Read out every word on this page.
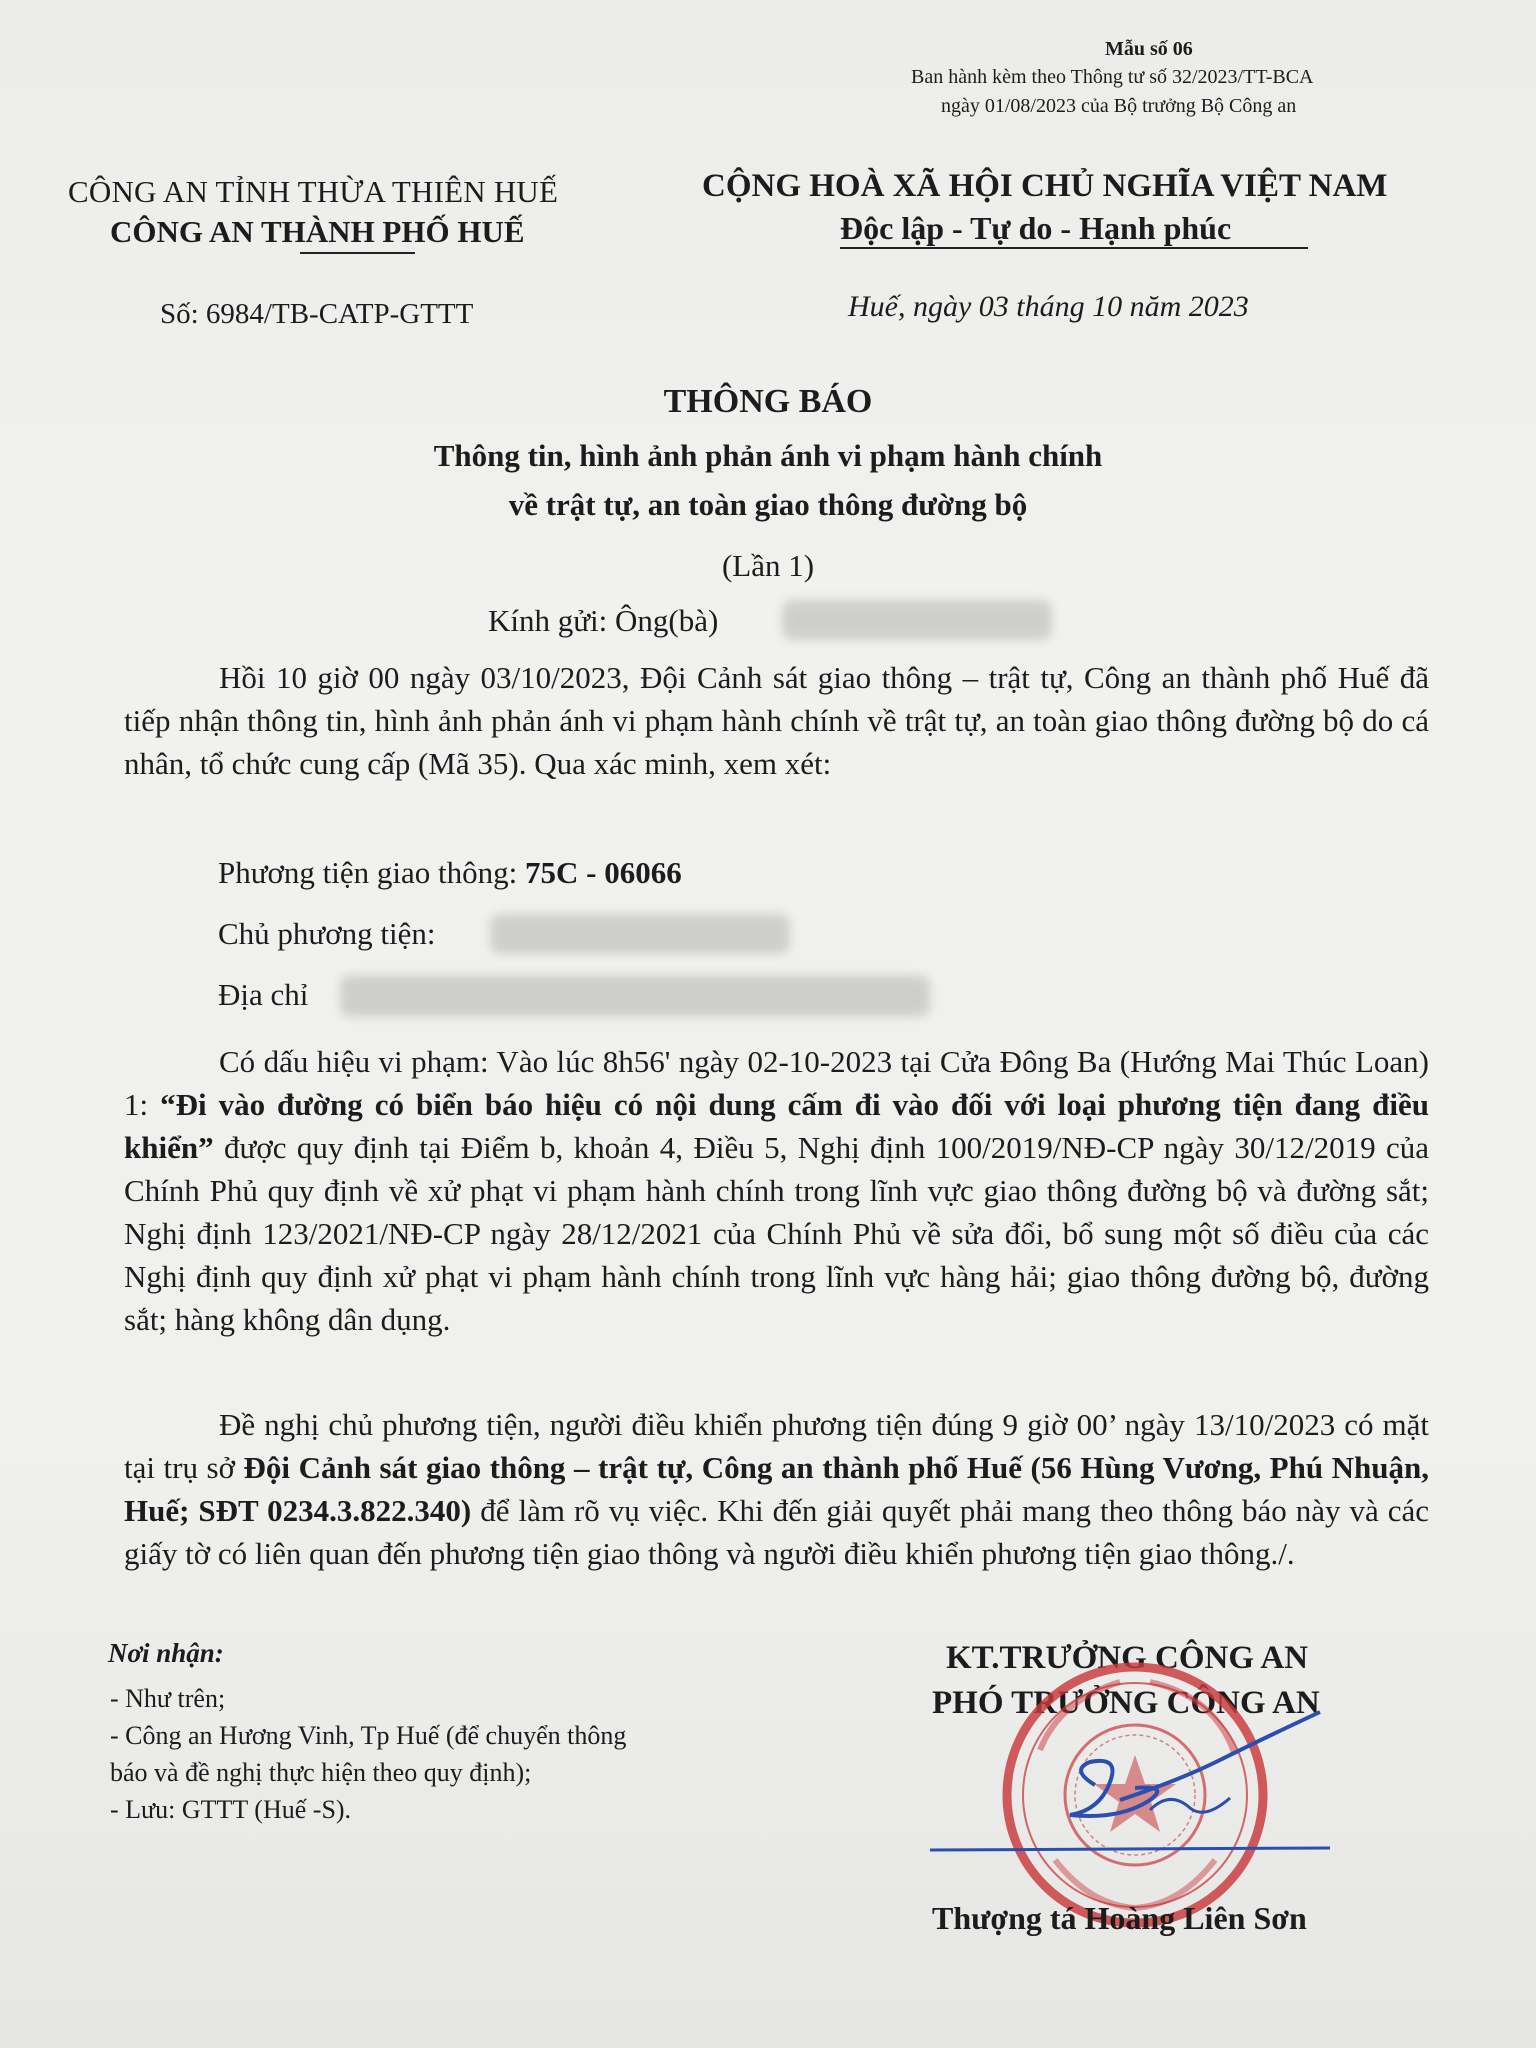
Mẫu số 06
Ban hành kèm theo Thông tư số 32/2023/TT-BCA
ngày 01/08/2023 của Bộ trưởng Bộ Công an
CÔNG AN TỈNH THỪA THIÊN HUẾ
CÔNG AN THÀNH PHỐ HUẾ
CỘNG HOÀ XÃ HỘI CHỦ NGHĨA VIỆT NAM
Độc lập - Tự do - Hạnh phúc
Số: 6984/TB-CATP-GTTT	Huế, ngày 03 tháng 10 năm 2023
THÔNG BÁO
Thông tin, hình ảnh phản ánh vi phạm hành chính
về trật tự, an toàn giao thông đường bộ
(Lần 1)
Kính gửi: Ông(bà)
Hồi 10 giờ 00 ngày 03/10/2023, Đội Cảnh sát giao thông – trật tự, Công an thành phố Huế đã tiếp nhận thông tin, hình ảnh phản ánh vi phạm hành chính về trật tự, an toàn giao thông đường bộ do cá nhân, tổ chức cung cấp (Mã 35). Qua xác minh, xem xét:
Phương tiện giao thông: 75C - 06066
Chủ phương tiện:
Địa chỉ
Có dấu hiệu vi phạm: Vào lúc 8h56' ngày 02-10-2023 tại Cửa Đông Ba (Hướng Mai Thúc Loan) 1: “Đi vào đường có biển báo hiệu có nội dung cấm đi vào đối với loại phương tiện đang điều khiển” được quy định tại Điểm b, khoản 4, Điều 5, Nghị định 100/2019/NĐ-CP ngày 30/12/2019 của Chính Phủ quy định về xử phạt vi phạm hành chính trong lĩnh vực giao thông đường bộ và đường sắt; Nghị định 123/2021/NĐ-CP ngày 28/12/2021 của Chính Phủ về sửa đổi, bổ sung một số điều của các Nghị định quy định xử phạt vi phạm hành chính trong lĩnh vực hàng hải; giao thông đường bộ, đường sắt; hàng không dân dụng.
Đề nghị chủ phương tiện, người điều khiển phương tiện đúng 9 giờ 00’ ngày 13/10/2023 có mặt tại trụ sở Đội Cảnh sát giao thông – trật tự, Công an thành phố Huế (56 Hùng Vương, Phú Nhuận, Huế; SĐT 0234.3.822.340) để làm rõ vụ việc. Khi đến giải quyết phải mang theo thông báo này và các giấy tờ có liên quan đến phương tiện giao thông và người điều khiển phương tiện giao thông./.
Nơi nhận:
- Như trên;
- Công an Hương Vinh, Tp Huế (để chuyển thông
báo và đề nghị thực hiện theo quy định);
- Lưu: GTTT (Huế -S).
KT.TRƯỞNG CÔNG AN
PHÓ TRƯỞNG CÔNG AN
Thượng tá Hoàng Liên Sơn
